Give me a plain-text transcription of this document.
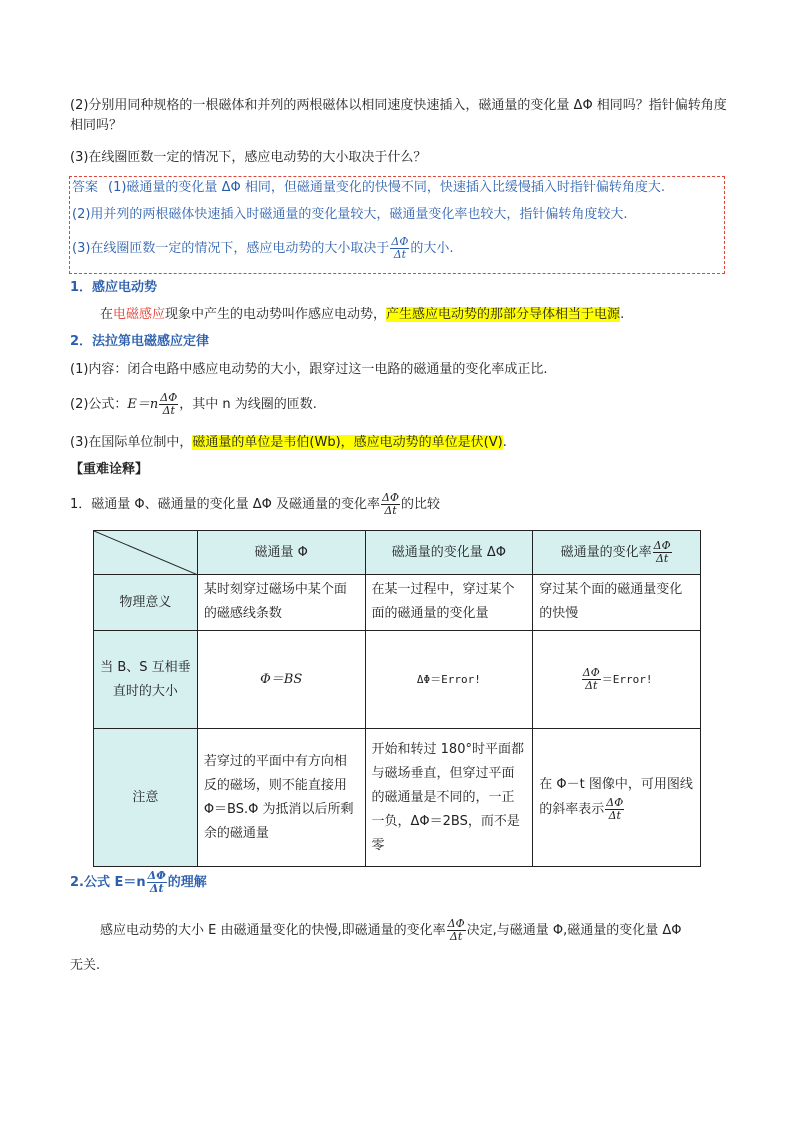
(2)分别用同种规格的一根磁体和并列的两根磁体以相同速度快速插入，磁通量的变化量 ΔΦ 相同吗？指针偏转角度相同吗？
(3)在线圈匝数一定的情况下，感应电动势的大小取决于什么？
答案 (1)磁通量的变化量 ΔΦ 相同，但磁通量变化的快慢不同，快速插入比缓慢插入时指针偏转角度大.
(2)用并列的两根磁体快速插入时磁通量的变化量较大，磁通量变化率也较大，指针偏转角度较大.
(3)在线圈匝数一定的情况下，感应电动势的大小取决于 $\frac{\Delta\Phi}{\Delta t}$ 的大小.
1．感应电动势
在电磁感应现象中产生的电动势叫作感应电动势，产生感应电动势的那部分导体相当于电源.
2．法拉第电磁感应定律
(1)内容：闭合电路中感应电动势的大小，跟穿过这一电路的磁通量的变化率成正比.
(2)公式：$E=n \frac{\Delta\Phi}{\Delta t}$ ，其中 n 为线圈的匝数.
(3)在国际单位制中，磁通量的单位是韦伯(Wb)，感应电动势的单位是伏(V).
【重难诠释】
1．磁通量 Φ、磁通量的变化量 ΔΦ 及磁通量的变化率 $\frac{\Delta\Phi}{\Delta t}$ 的比较
	磁通量 Φ	磁通量的变化量 ΔΦ	磁通量的变化率 $\frac{\Delta\Phi}{\Delta t}$

物理意义	某时刻穿过磁场中某个面的磁感线条数	在某一过程中，穿过某个面的磁通量的变化量	穿过某个面的磁通量变化的快慢
当 B、S 互相垂直时的大小	Φ＝BS	ΔΦ＝Error!	$\frac{\Delta\Phi}{\Delta t}$ ＝Error!
注意	若穿过的平面中有方向相反的磁场，则不能直接用 Φ＝BS.Φ 为抵消以后所剩余的磁通量	开始和转过 180°时平面都与磁场垂直，但穿过平面的磁通量是不同的，一正一负，ΔΦ＝2BS，而不是零	在 Φ－t 图像中，可用图线的斜率表示 $\frac{\Delta\Phi}{\Delta t}$
2.公式 $E=n \frac{\Delta\Phi}{\Delta t}$ 的理解
感应电动势的大小 E 由磁通量变化的快慢,即磁通量的变化率 $\frac{\Delta\Phi}{\Delta t}$ 决定,与磁通量 Φ,磁通量的变化量 ΔΦ
无关.
